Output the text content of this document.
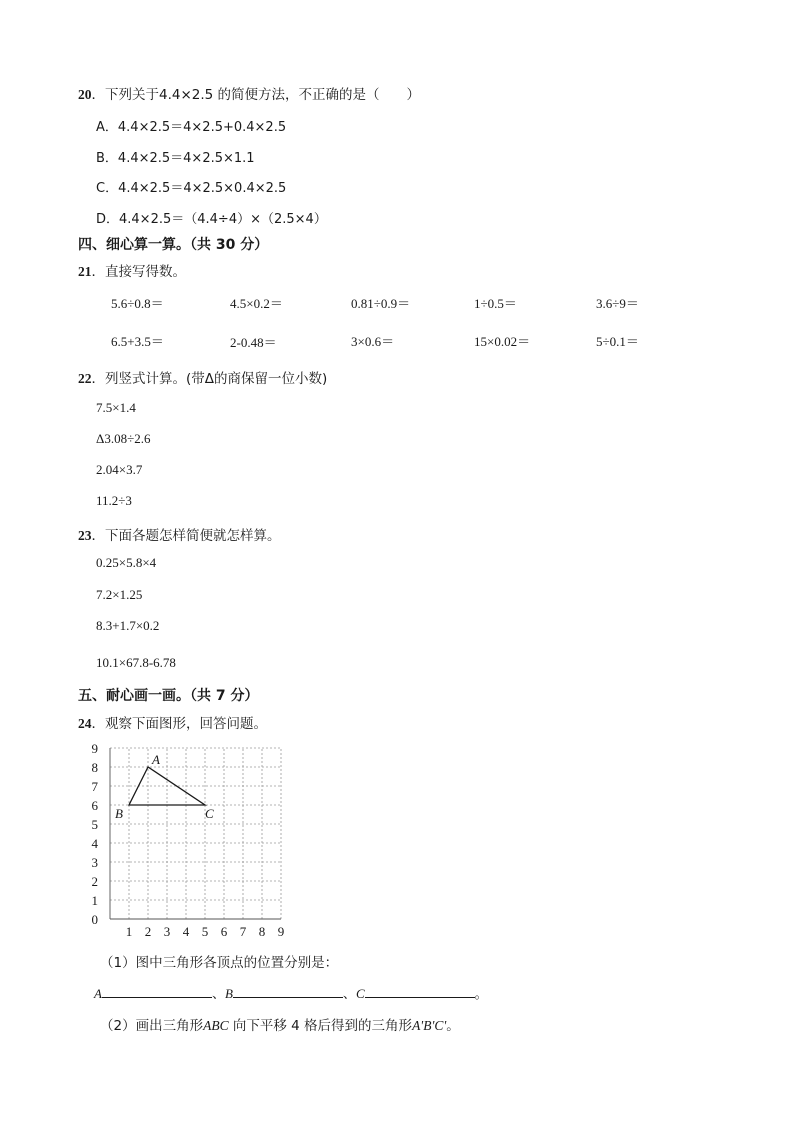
20．下列关于4.4×2.5 的简便方法，不正确的是（　　）
A．4.4×2.5＝4×2.5+0.4×2.5
B．4.4×2.5＝4×2.5×1.1
C．4.4×2.5＝4×2.5×0.4×2.5
D．4.4×2.5＝（4.4÷4）×（2.5×4）
四、细心算一算。（共 30 分）
21．直接写得数。
5.6÷0.8＝	4.5×0.2＝	0.81÷0.9＝	1÷0.5＝	3.6÷9＝
6.5+3.5＝	2-0.48＝	3×0.6＝	15×0.02＝	5÷0.1＝
22．列竖式计算。(带Δ的商保留一位小数)
7.5×1.4
Δ3.08÷2.6
2.04×3.7
11.2÷3
23．下面各题怎样简便就怎样算。
0.25×5.8×4
7.2×1.25
8.3+1.7×0.2
10.1×67.8-6.78
五、耐心画一画。（共 7 分）
24．观察下面图形，回答问题。
1 2 3 4 5 6 7 8 9
0
1
2
3
4
5
6
7
8
9
A
B	C
（1）图中三角形各顶点的位置分别是：
A	、B	、C	。
（2）画出三角形ABC 向下平移 4 格后得到的三角形A'B'C'。
